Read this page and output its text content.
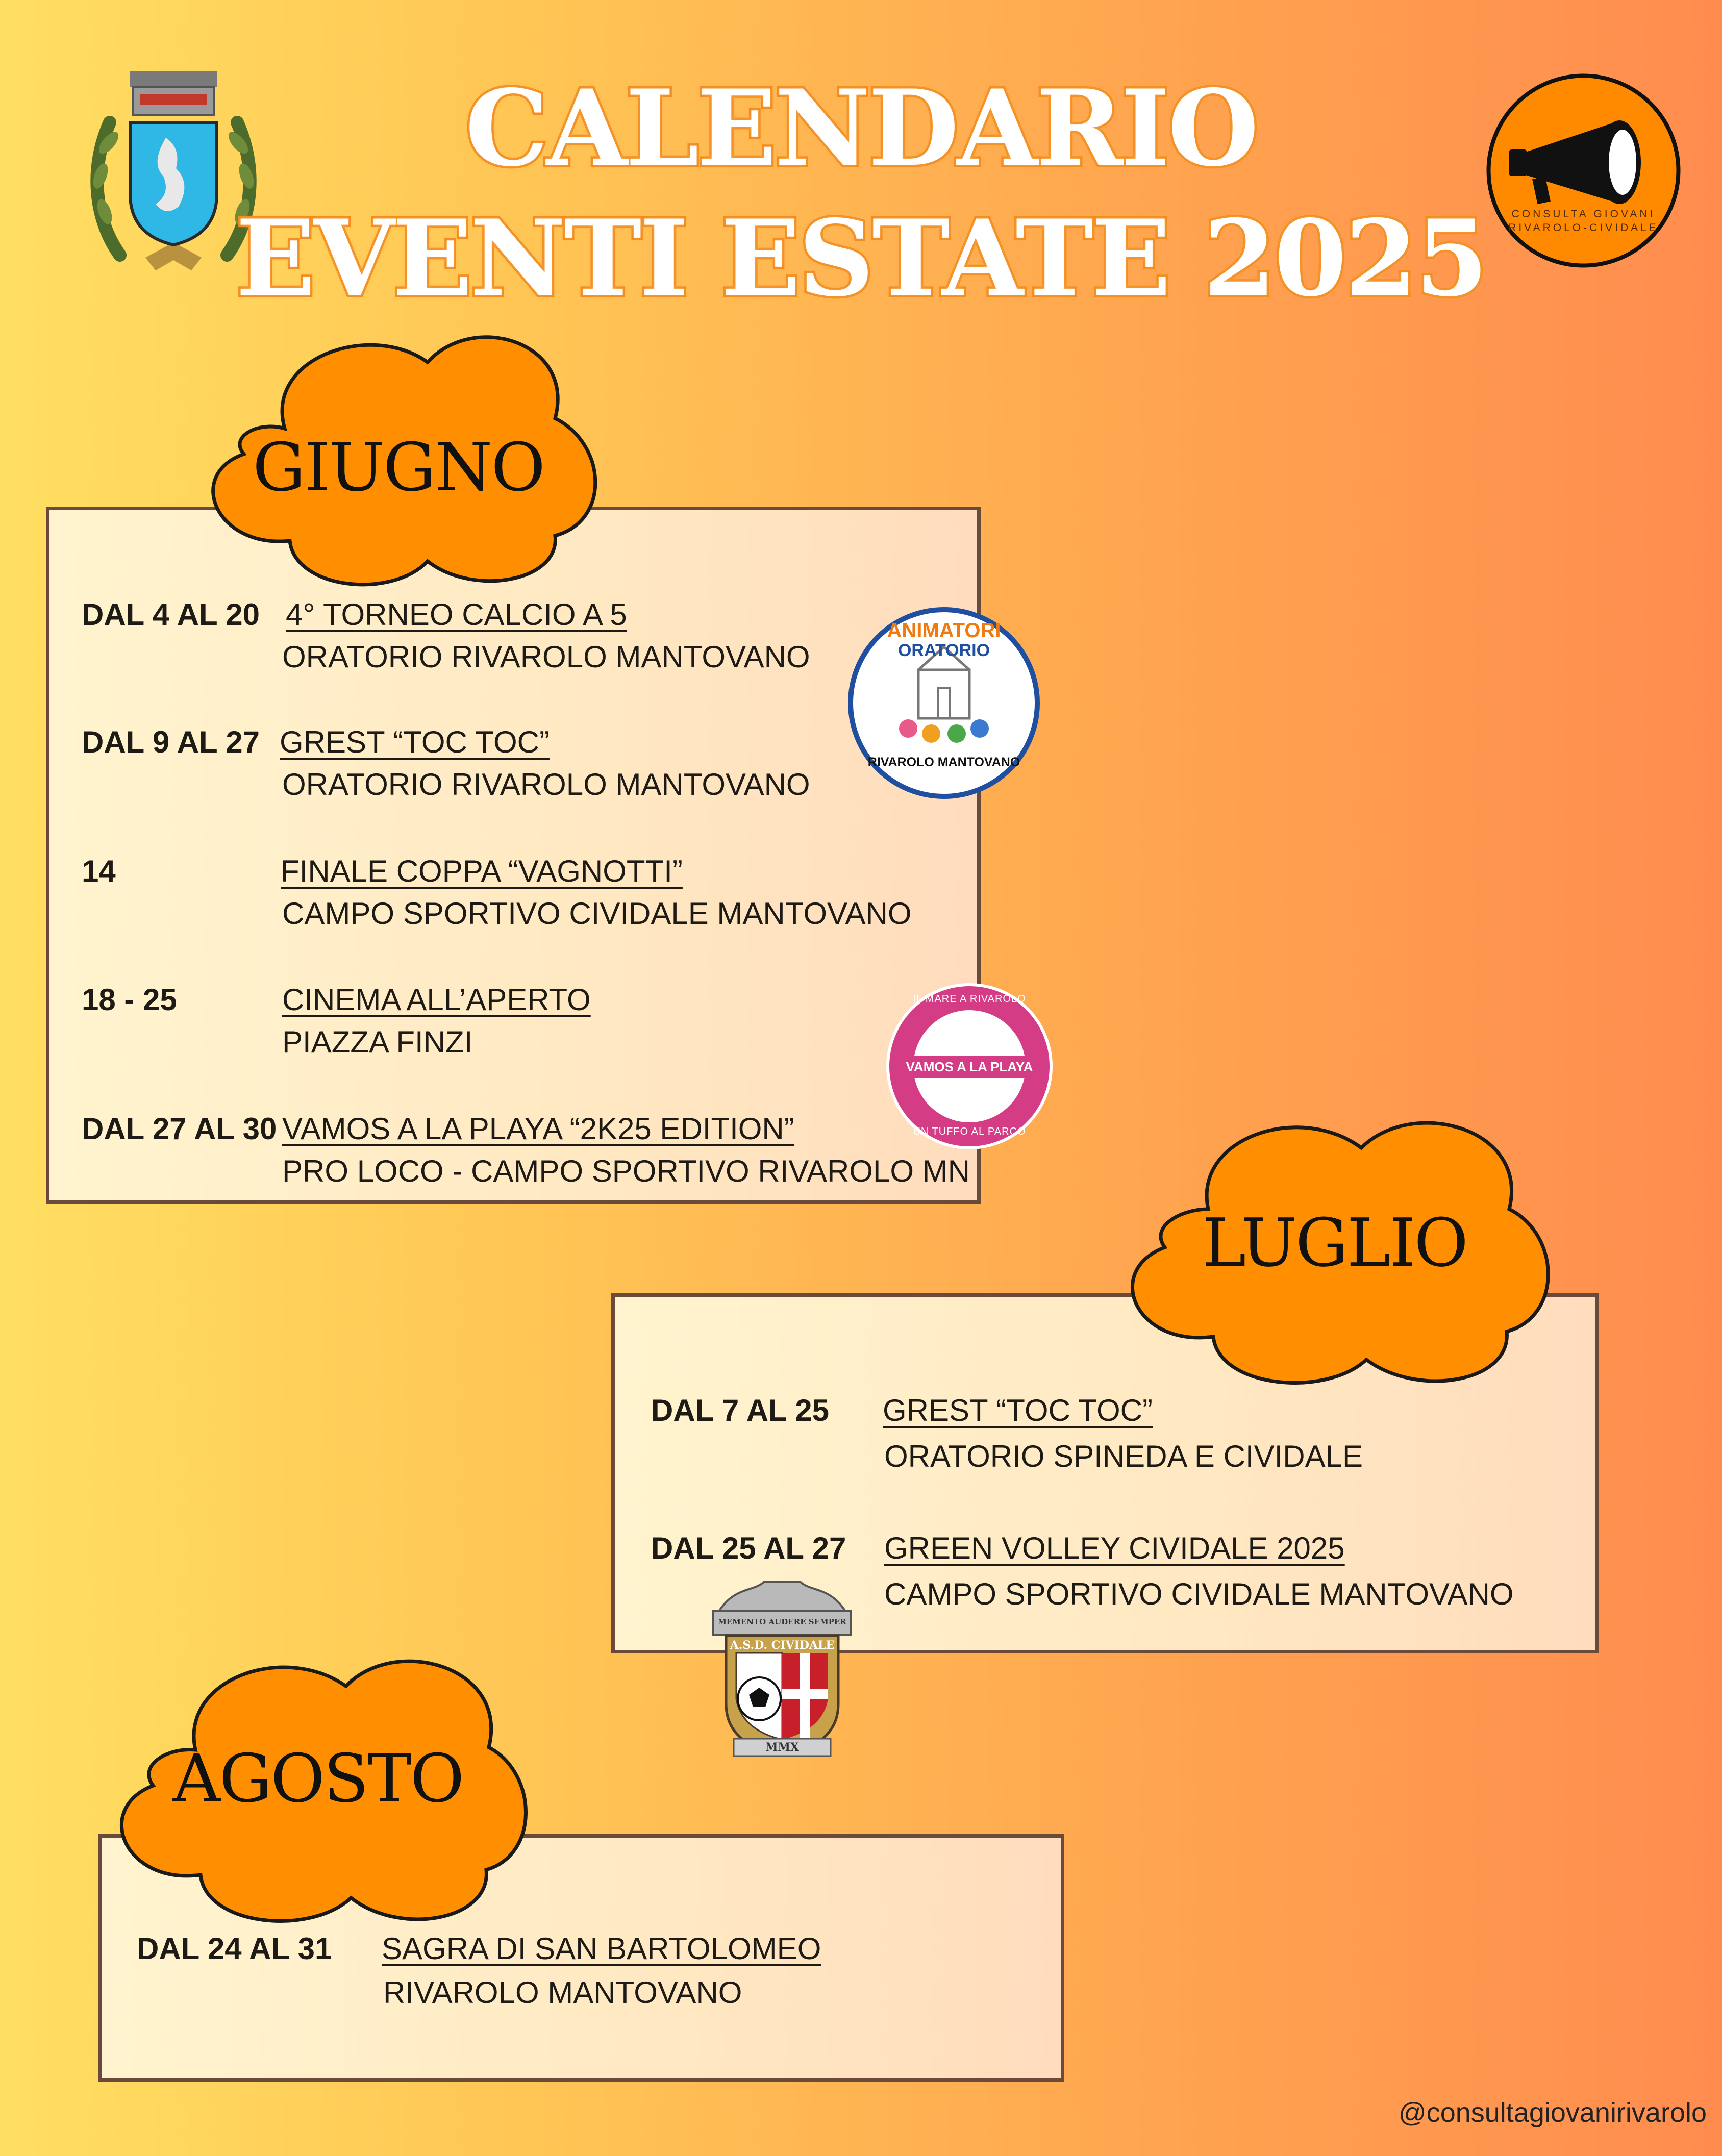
CALENDARIO
EVENTI ESTATE 2025	CONSULTA GIOVANI
RIVAROLO-CIVIDALE
GIUGNO
DAL 4 AL 20 4° TORNEO CALCIO A 5
ORATORIO RIVAROLO MANTOVANO
DAL 9 AL 27 GREST “TOC TOC”
ORATORIO RIVAROLO MANTOVANO
14	FINALE COPPA “VAGNOTTI”
CAMPO SPORTIVO CIVIDALE MANTOVANO
18 - 25	CINEMA ALL’APERTO
PIAZZA FINZI
DAL 27 AL 30 VAMOS A LA PLAYA “2K25 EDITION”
PRO LOCO - CAMPO SPORTIVO RIVAROLO MN
ANIMATORI
ORATORIO
RIVAROLO MANTOVANO
IL MARE A RIVAROLO
VAMOS A LA PLAYA
UN TUFFO AL PARCO
LUGLIO
DAL 7 AL 25 GREST “TOC TOC”
ORATORIO SPINEDA E CIVIDALE
DAL 25 AL 27 GREEN VOLLEY CIVIDALE 2025
CAMPO SPORTIVO CIVIDALE MANTOVANO
MEMENTO AUDERE SEMPER
A.S.D. CIVIDALE
MMX
AGOSTO
DAL 24 AL 31 SAGRA DI SAN BARTOLOMEO
RIVAROLO MANTOVANO
@consultagiovanirivarolo
